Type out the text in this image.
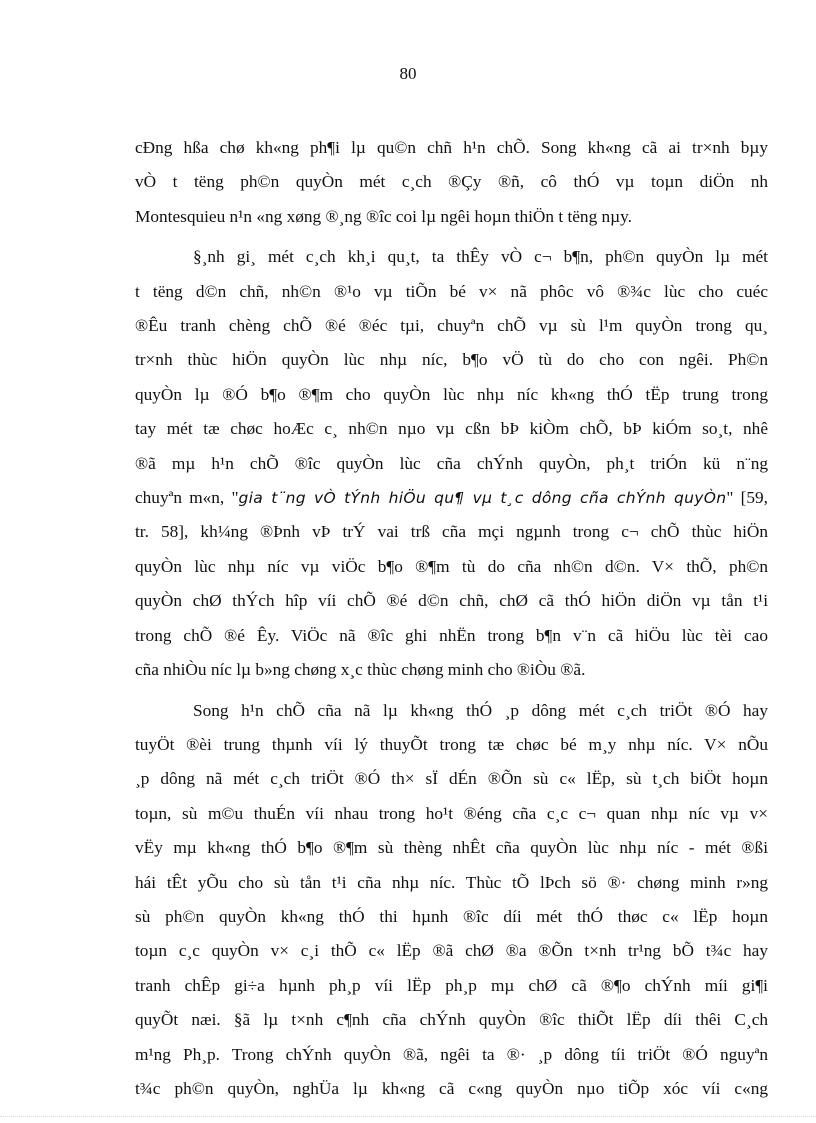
80

cÐng hßa chø kh«ng ph¶i lµ qu©n chñ h¹n chÕ. Song kh«ng cã ai tr×nh bµy
vÒ t tëng ph©n quyÒn mét c¸ch ®Çy ®ñ, cô thÓ vµ toµn diÖn nh
Montesquieu n¹n «ng xøng ®¸ng ®îc coi lµ ngêi hoµn thiÖn t tëng nµy.

§¸nh gi¸ mét c¸ch kh¸i qu¸t, ta thÊy vÒ c¬ b¶n, ph©n quyÒn lµ mét
t tëng d©n chñ, nh©n ®¹o vµ tiÕn bé v× nã phôc vô ®¾c lùc cho cuéc
®Êu tranh chèng chÕ ®é ®éc tµi, chuyªn chÕ vµ sù l¹m quyÒn trong qu¸
tr×nh thùc hiÖn quyÒn lùc nhµ níc, b¶o vÖ tù do cho con ngêi. Ph©n
quyÒn lµ ®Ó b¶o ®¶m cho quyÒn lùc nhµ níc kh«ng thÓ tËp trung trong
tay mét tæ chøc hoÆc c¸ nh©n nµo vµ cßn bÞ kiÒm chÕ, bÞ kiÓm so¸t, nhê
®ã mµ h¹n chÕ ®îc quyÒn lùc cña chÝnh quyÒn, ph¸t triÓn kü n¨ng
chuyªn m«n, "gia t¨ng vÒ tÝnh hiÖu qu¶ vµ t¸c dông cña chÝnh quyÒn" [59,
tr. 58], kh¼ng ®Þnh vÞ trÝ vai trß cña mçi ngµnh trong c¬ chÕ thùc hiÖn
quyÒn lùc nhµ níc vµ viÖc b¶o ®¶m tù do cña nh©n d©n. V× thÕ, ph©n
quyÒn chØ thÝch hîp víi chÕ ®é d©n chñ, chØ cã thÓ hiÖn diÖn vµ tån t¹i
trong chÕ ®é Êy. ViÖc nã ®îc ghi nhËn trong b¶n v¨n cã hiÖu lùc tèi cao
cña nhiÒu níc lµ b»ng chøng x¸c thùc chøng minh cho ®iÒu ®ã.

Song h¹n chÕ cña nã lµ kh«ng thÓ ¸p dông mét c¸ch triÖt ®Ó hay
tuyÖt ®èi trung thµnh víi lý thuyÕt trong tæ chøc bé m¸y nhµ níc. V× nÕu
¸p dông nã mét c¸ch triÖt ®Ó th× sÏ dÉn ®Õn sù c« lËp, sù t¸ch biÖt hoµn
toµn, sù m©u thuÉn víi nhau trong ho¹t ®éng cña c¸c c¬ quan nhµ níc vµ v×
vËy mµ kh«ng thÓ b¶o ®¶m sù thèng nhÊt cña quyÒn lùc nhµ níc - mét ®ßi
hái tÊt yÕu cho sù tån t¹i cña nhµ níc. Thùc tÕ lÞch sö ®· chøng minh r»ng
sù ph©n quyÒn kh«ng thÓ thi hµnh ®îc díi mét thÓ thøc c« lËp hoµn
toµn c¸c quyÒn v× c¸i thÕ c« lËp ®ã chØ ®a ®Õn t×nh tr¹ng bÕ t¾c hay
tranh chÊp gi÷a hµnh ph¸p víi lËp ph¸p mµ chØ cã ®¶o chÝnh míi gi¶i
quyÕt næi. §ã lµ t×nh c¶nh cña chÝnh quyÒn ®îc thiÕt lËp díi thêi C¸ch
m¹ng Ph¸p. Trong chÝnh quyÒn ®ã, ngêi ta ®· ¸p dông tíi triÖt ®Ó nguyªn
t¾c ph©n quyÒn, nghÜa lµ kh«ng cã c«ng quyÒn nµo tiÕp xóc víi c«ng
